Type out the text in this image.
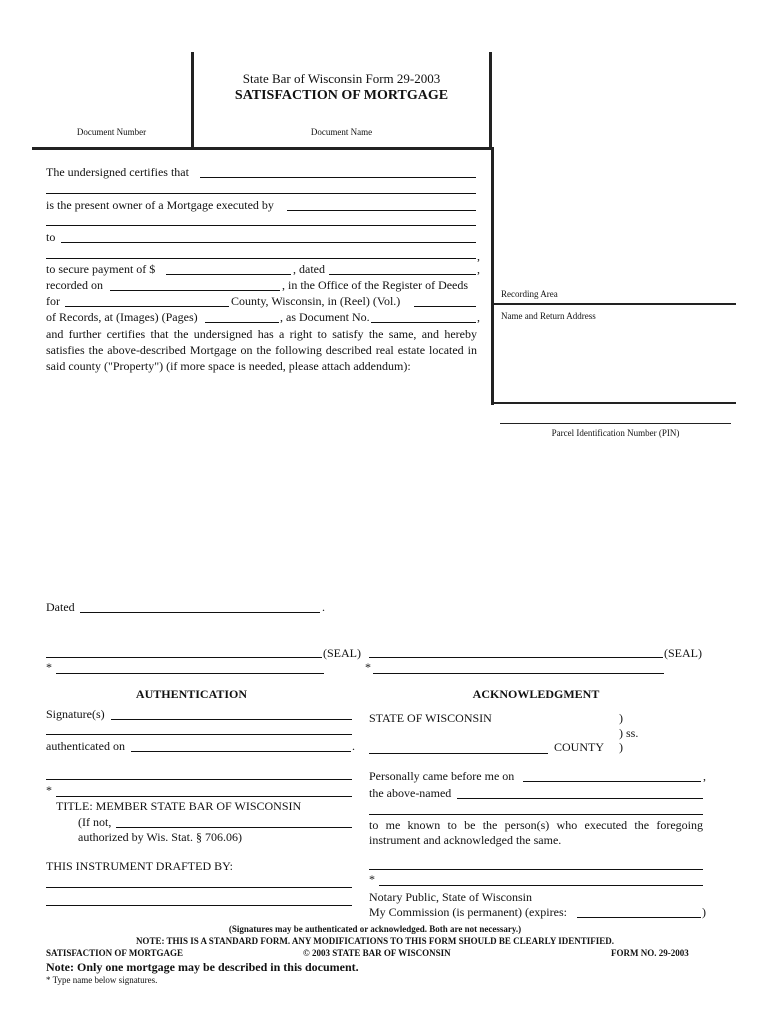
State Bar of Wisconsin Form 29-2003
SATISFACTION OF MORTGAGE
Document Number	Document Name
Recording Area
Name and Return Address
Parcel Identification Number (PIN)
The undersigned certifies that
is the present owner of a Mortgage executed by
to
,
to secure payment of $	, dated	,
recorded on	, in the Office of the Register of Deeds
for	County, Wisconsin, in (Reel) (Vol.)
of Records, at (Images) (Pages)	, as Document No.	,
and further certifies that the undersigned has a right to satisfy the same, and hereby satisfies the above-described Mortgage on the following described real estate located in said county ("Property") (if more space is needed, please attach addendum):
Dated	.
(SEAL)	(SEAL)
*	*
AUTHENTICATION
Signature(s)
authenticated on	.
*
TITLE: MEMBER STATE BAR OF WISCONSIN
(If not,
authorized by Wis. Stat. § 706.06)
THIS INSTRUMENT DRAFTED BY:
ACKNOWLEDGMENT
STATE OF WISCONSIN	)
) ss.
COUNTY )
Personally came before me on	,
the above-named
to me known to be the person(s) who executed the foregoing instrument and acknowledged the same.
*
Notary Public, State of Wisconsin
My Commission (is permanent) (expires:	)
(Signatures may be authenticated or acknowledged. Both are not necessary.)
NOTE: THIS IS A STANDARD FORM. ANY MODIFICATIONS TO THIS FORM SHOULD BE CLEARLY IDENTIFIED.
SATISFACTION OF MORTGAGE	© 2003 STATE BAR OF WISCONSIN	FORM NO. 29-2003
Note: Only one mortgage may be described in this document.
* Type name below signatures.
